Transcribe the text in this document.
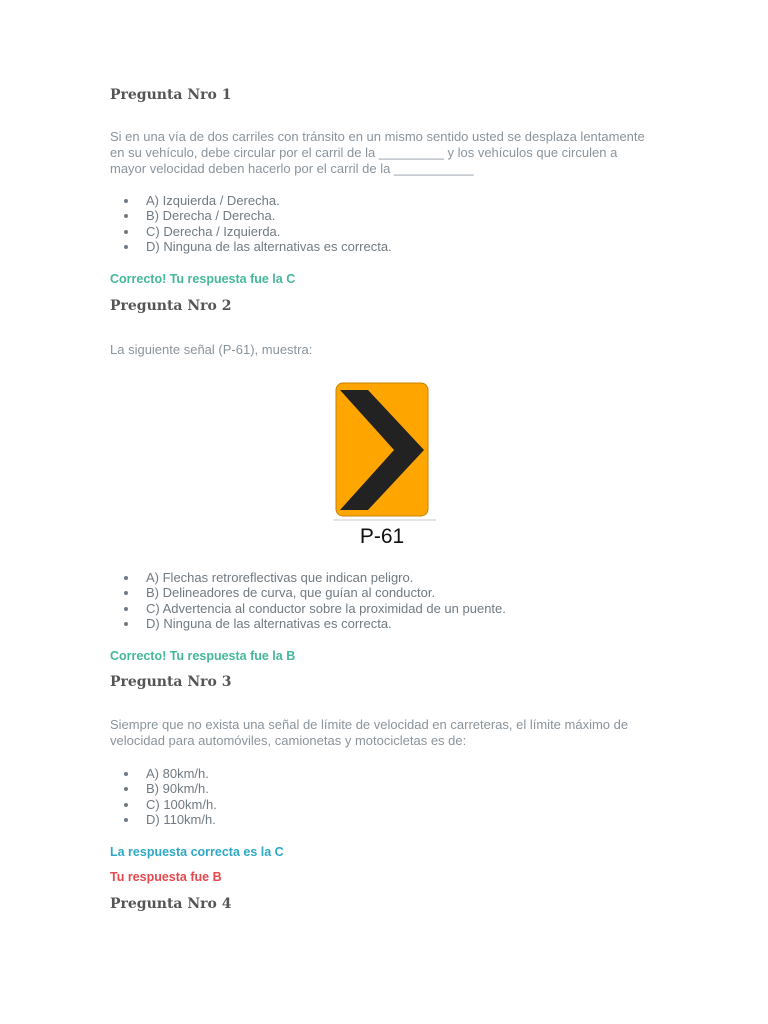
Pregunta Nro 1
Si en una vía de dos carriles con tránsito en un mismo sentido usted se desplaza lentamente en su vehículo, debe circular por el carril de la _________ y los vehículos que circulen a mayor velocidad deben hacerlo por el carril de la ___________
A) Izquierda / Derecha.
B) Derecha / Derecha.
C) Derecha / Izquierda.
D) Ninguna de las alternativas es correcta.
Correcto! Tu respuesta fue la C
Pregunta Nro 2
La siguiente señal (P-61), muestra:
P-61
A) Flechas retroreflectivas que indican peligro.
B) Delineadores de curva, que guían al conductor.
C) Advertencia al conductor sobre la proximidad de un puente.
D) Ninguna de las alternativas es correcta.
Correcto! Tu respuesta fue la B
Pregunta Nro 3
Siempre que no exista una señal de límite de velocidad en carreteras, el límite máximo de velocidad para automóviles, camionetas y motocicletas es de:
A) 80km/h.
B) 90km/h.
C) 100km/h.
D) 110km/h.
La respuesta correcta es la C
Tu respuesta fue B
Pregunta Nro 4
